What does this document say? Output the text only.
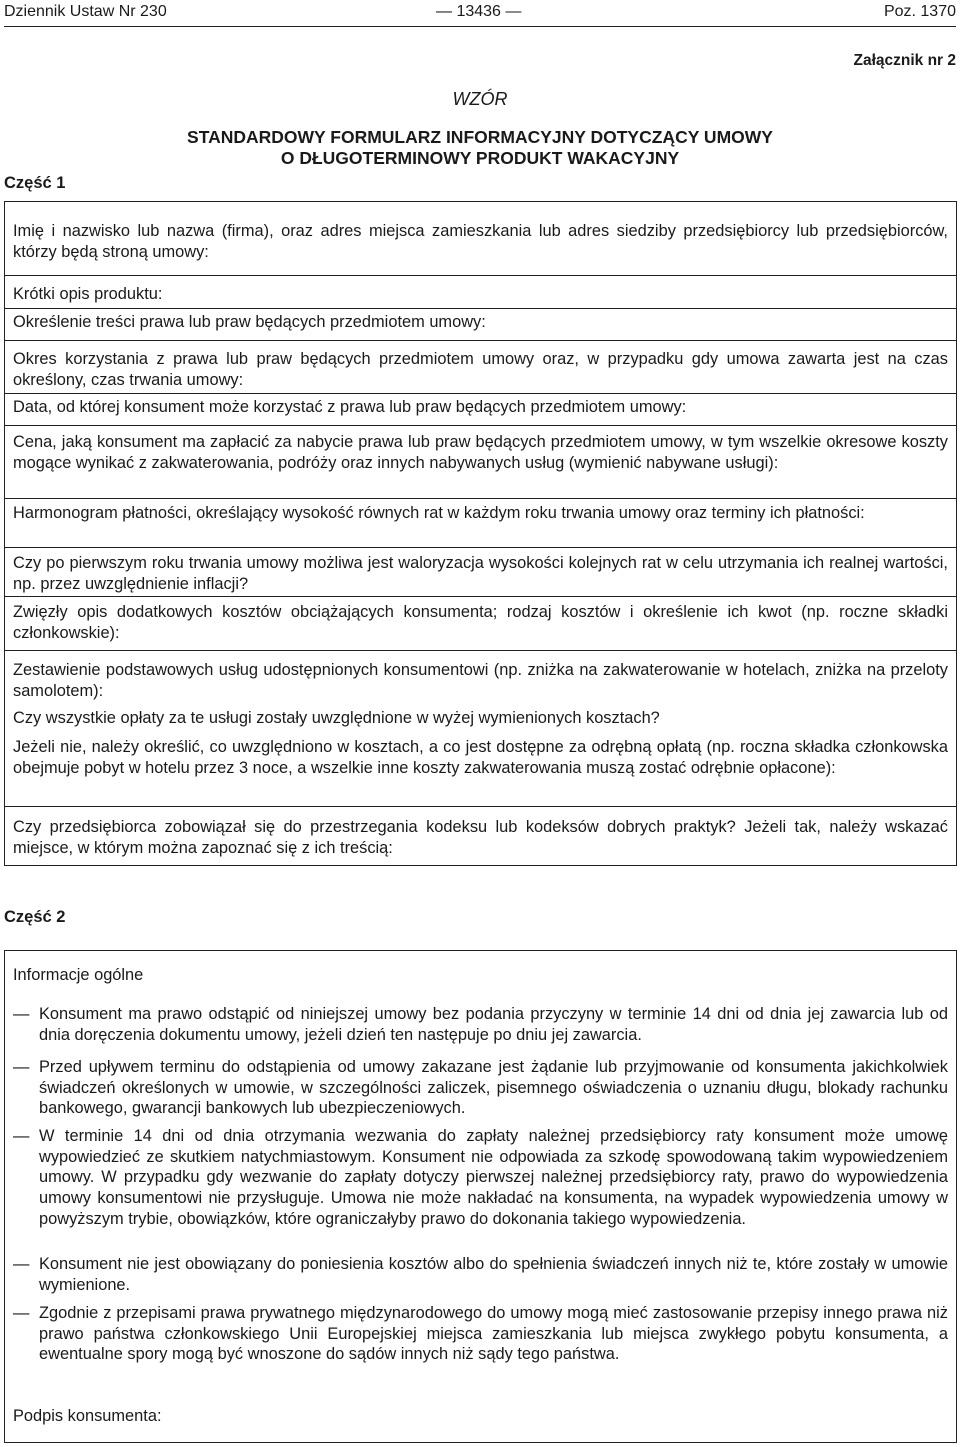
Dziennik Ustaw Nr 230	— 13436 —	Poz. 1370
Załącznik nr 2
WZÓR
STANDARDOWY FORMULARZ INFORMACYJNY DOTYCZĄCY UMOWY
O DŁUGOTERMINOWY PRODUKT WAKACYJNY
Część 1

Imię i nazwisko lub nazwa (firma), oraz adres miejsca zamieszkania lub adres siedziby przedsiębiorcy lub przedsiębiorców, którzy będą stroną umowy:

Krótki opis produktu:

Określenie treści prawa lub praw będących przedmiotem umowy:

Okres korzystania z prawa lub praw będących przedmiotem umowy oraz, w przypadku gdy umowa zawarta jest na czas określony, czas trwania umowy:

Data, od której konsument może korzystać z prawa lub praw będących przedmiotem umowy:

Cena, jaką konsument ma zapłacić za nabycie prawa lub praw będących przedmiotem umowy, w tym wszelkie okresowe koszty mogące wynikać z zakwaterowania, podróży oraz innych nabywanych usług (wymienić nabywane usługi):

Harmonogram płatności, określający wysokość równych rat w każdym roku trwania umowy oraz terminy ich płatności:

Czy po pierwszym roku trwania umowy możliwa jest waloryzacja wysokości kolejnych rat w celu utrzymania ich realnej wartości, np. przez uwzględnienie inflacji?

Zwięzły opis dodatkowych kosztów obciążających konsumenta; rodzaj kosztów i określenie ich kwot (np. roczne składki członkowskie):

Zestawienie podstawowych usług udostępnionych konsumentowi (np. zniżka na zakwaterowanie w hotelach, zniżka na przeloty samolotem):

Czy wszystkie opłaty za te usługi zostały uwzględnione w wyżej wymienionych kosztach?

Jeżeli nie, należy określić, co uwzględniono w kosztach, a co jest dostępne za odrębną opłatą (np. roczna składka członkowska obejmuje pobyt w hotelu przez 3 noce, a wszelkie inne koszty zakwaterowania muszą zostać odrębnie opłacone):

Czy przedsiębiorca zobowiązał się do przestrzegania kodeksu lub kodeksów dobrych praktyk? Jeżeli tak, należy wskazać miejsce, w którym można zapoznać się z ich treścią:

Część 2

Informacje ogólne

— Konsument ma prawo odstąpić od niniejszej umowy bez podania przyczyny w terminie 14 dni od dnia jej zawarcia lub od dnia doręczenia dokumentu umowy, jeżeli dzień ten następuje po dniu jej zawarcia.
— Przed upływem terminu do odstąpienia od umowy zakazane jest żądanie lub przyjmowanie od konsumenta jakichkolwiek świadczeń określonych w umowie, w szczególności zaliczek, pisemnego oświadczenia o uznaniu długu, blokady rachunku bankowego, gwarancji bankowych lub ubezpieczeniowych.
— W terminie 14 dni od dnia otrzymania wezwania do zapłaty należnej przedsiębiorcy raty konsument może umowę wypowiedzieć ze skutkiem natychmiastowym. Konsument nie odpowiada za szkodę spowodowaną takim wypowiedzeniem umowy. W przypadku gdy wezwanie do zapłaty dotyczy pierwszej należnej przedsiębiorcy raty, prawo do wypowiedzenia umowy konsumentowi nie przysługuje. Umowa nie może nakładać na konsumenta, na wypadek wypowiedzenia umowy w powyższym trybie, obowiązków, które ograniczałyby prawo do dokonania takiego wypowiedzenia.
— Konsument nie jest obowiązany do poniesienia kosztów albo do spełnienia świadczeń innych niż te, które zostały w umowie wymienione.
— Zgodnie z przepisami prawa prywatnego międzynarodowego do umowy mogą mieć zastosowanie przepisy innego prawa niż prawo państwa członkowskiego Unii Europejskiej miejsca zamieszkania lub miejsca zwykłego pobytu konsumenta, a ewentualne spory mogą być wnoszone do sądów innych niż sądy tego państwa.

Podpis konsumenta:
